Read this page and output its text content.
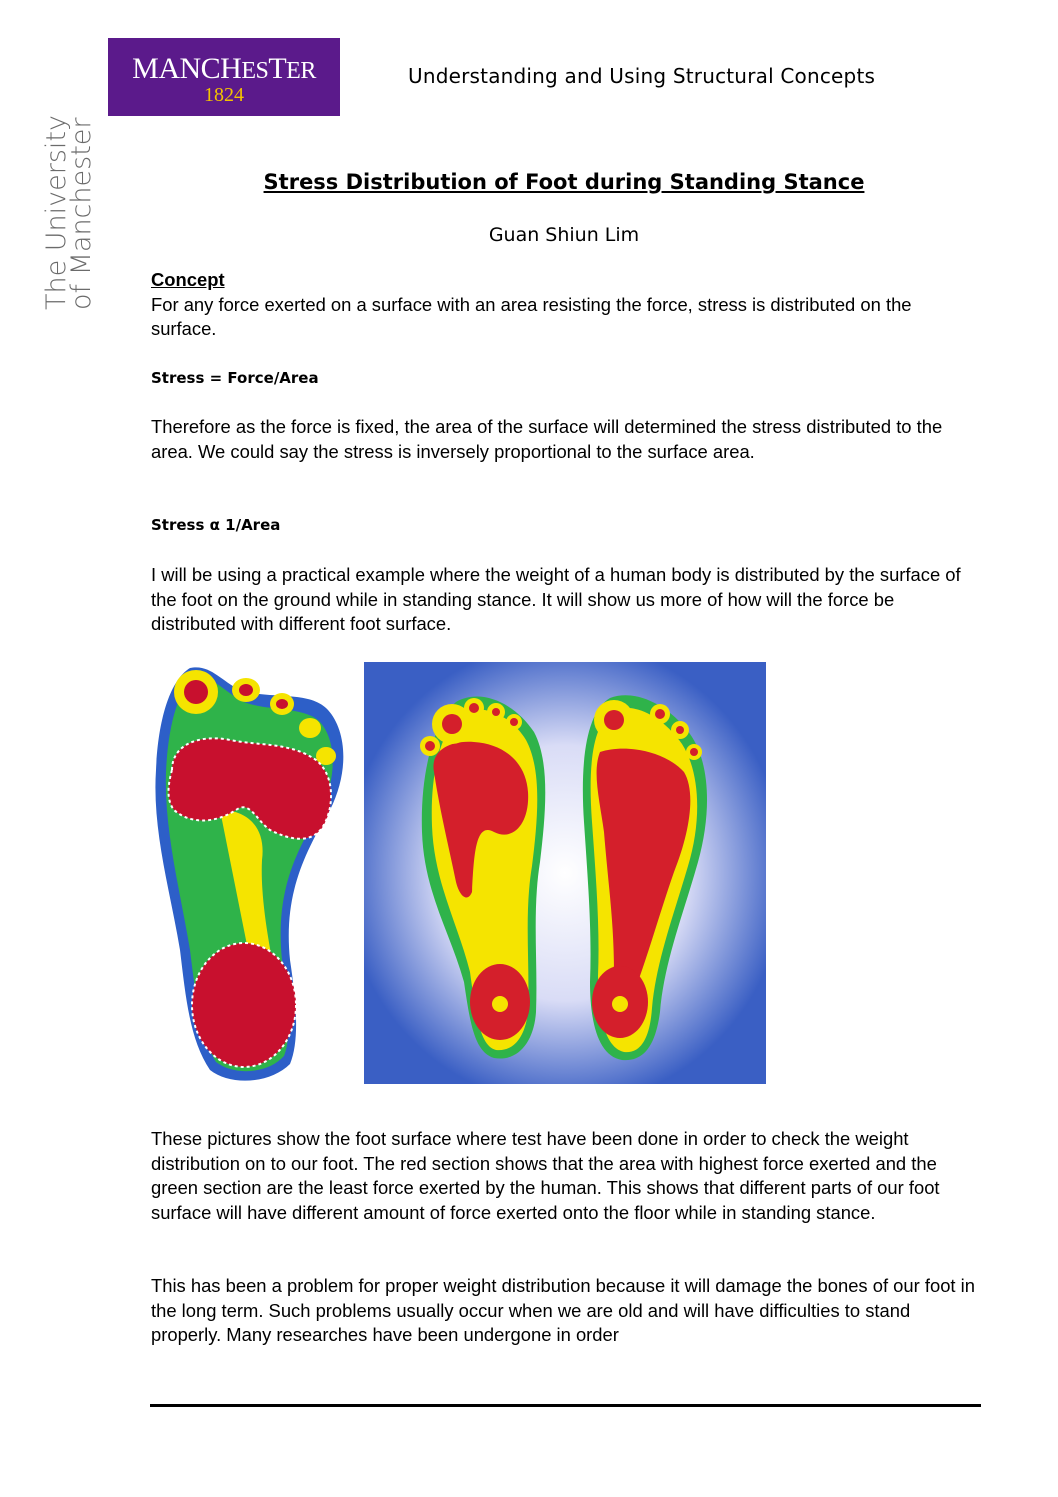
MANCHESTER
1824
The University
of Manchester
Understanding and Using Structural Concepts
Stress Distribution of Foot during Standing Stance
Guan Shiun Lim
Concept
For any force exerted on a surface with an area resisting the force, stress is distributed on the surface.
Stress = Force/Area
Therefore as the force is fixed, the area of the surface will determined the stress distributed to the area. We could say the stress is inversely proportional to the surface area.
Stress α 1/Area
I will be using a practical example where the weight of a human body is distributed by the surface of the foot on the ground while in standing stance. It will show us more of how will the force be distributed with different foot surface.
These pictures show the foot surface where test have been done in order to check the weight distribution on to our foot. The red section shows that the area with highest force exerted and the green section are the least force exerted by the human. This shows that different parts of our foot surface will have different amount of force exerted onto the floor while in standing stance.
This has been a problem for proper weight distribution because it will damage the bones of our foot in the long term. Such problems usually occur when we are old and will have difficulties to stand properly. Many researches have been undergone in order
